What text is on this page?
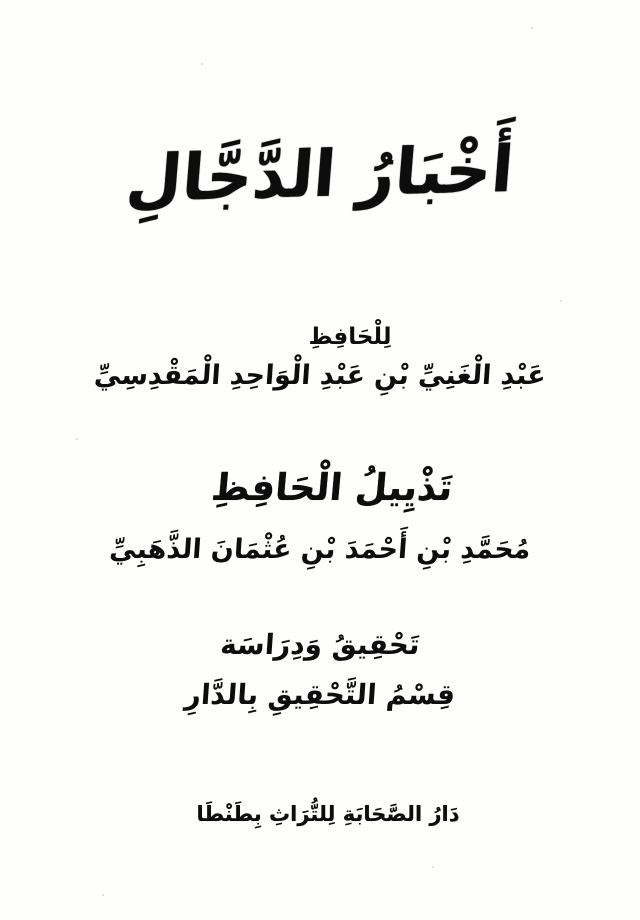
أَخْبَارُ الدَّجَّالِ
لِلْحَافِظِ
عَبْدِ الْغَنِيِّ بْنِ عَبْدِ الْوَاحِدِ الْمَقْدِسِيِّ
تَذْيِيلُ الْحَافِظِ
مُحَمَّدِ بْنِ أَحْمَدَ بْنِ عُثْمَانَ الذَّهَبِيِّ
تَحْقِيقُ وَدِرَاسَة
قِسْمُ التَّحْقِيقِ بِالدَّارِ
دَارُ الصَّحَابَةِ لِلتُّرَاثِ بِطَنْطَا
